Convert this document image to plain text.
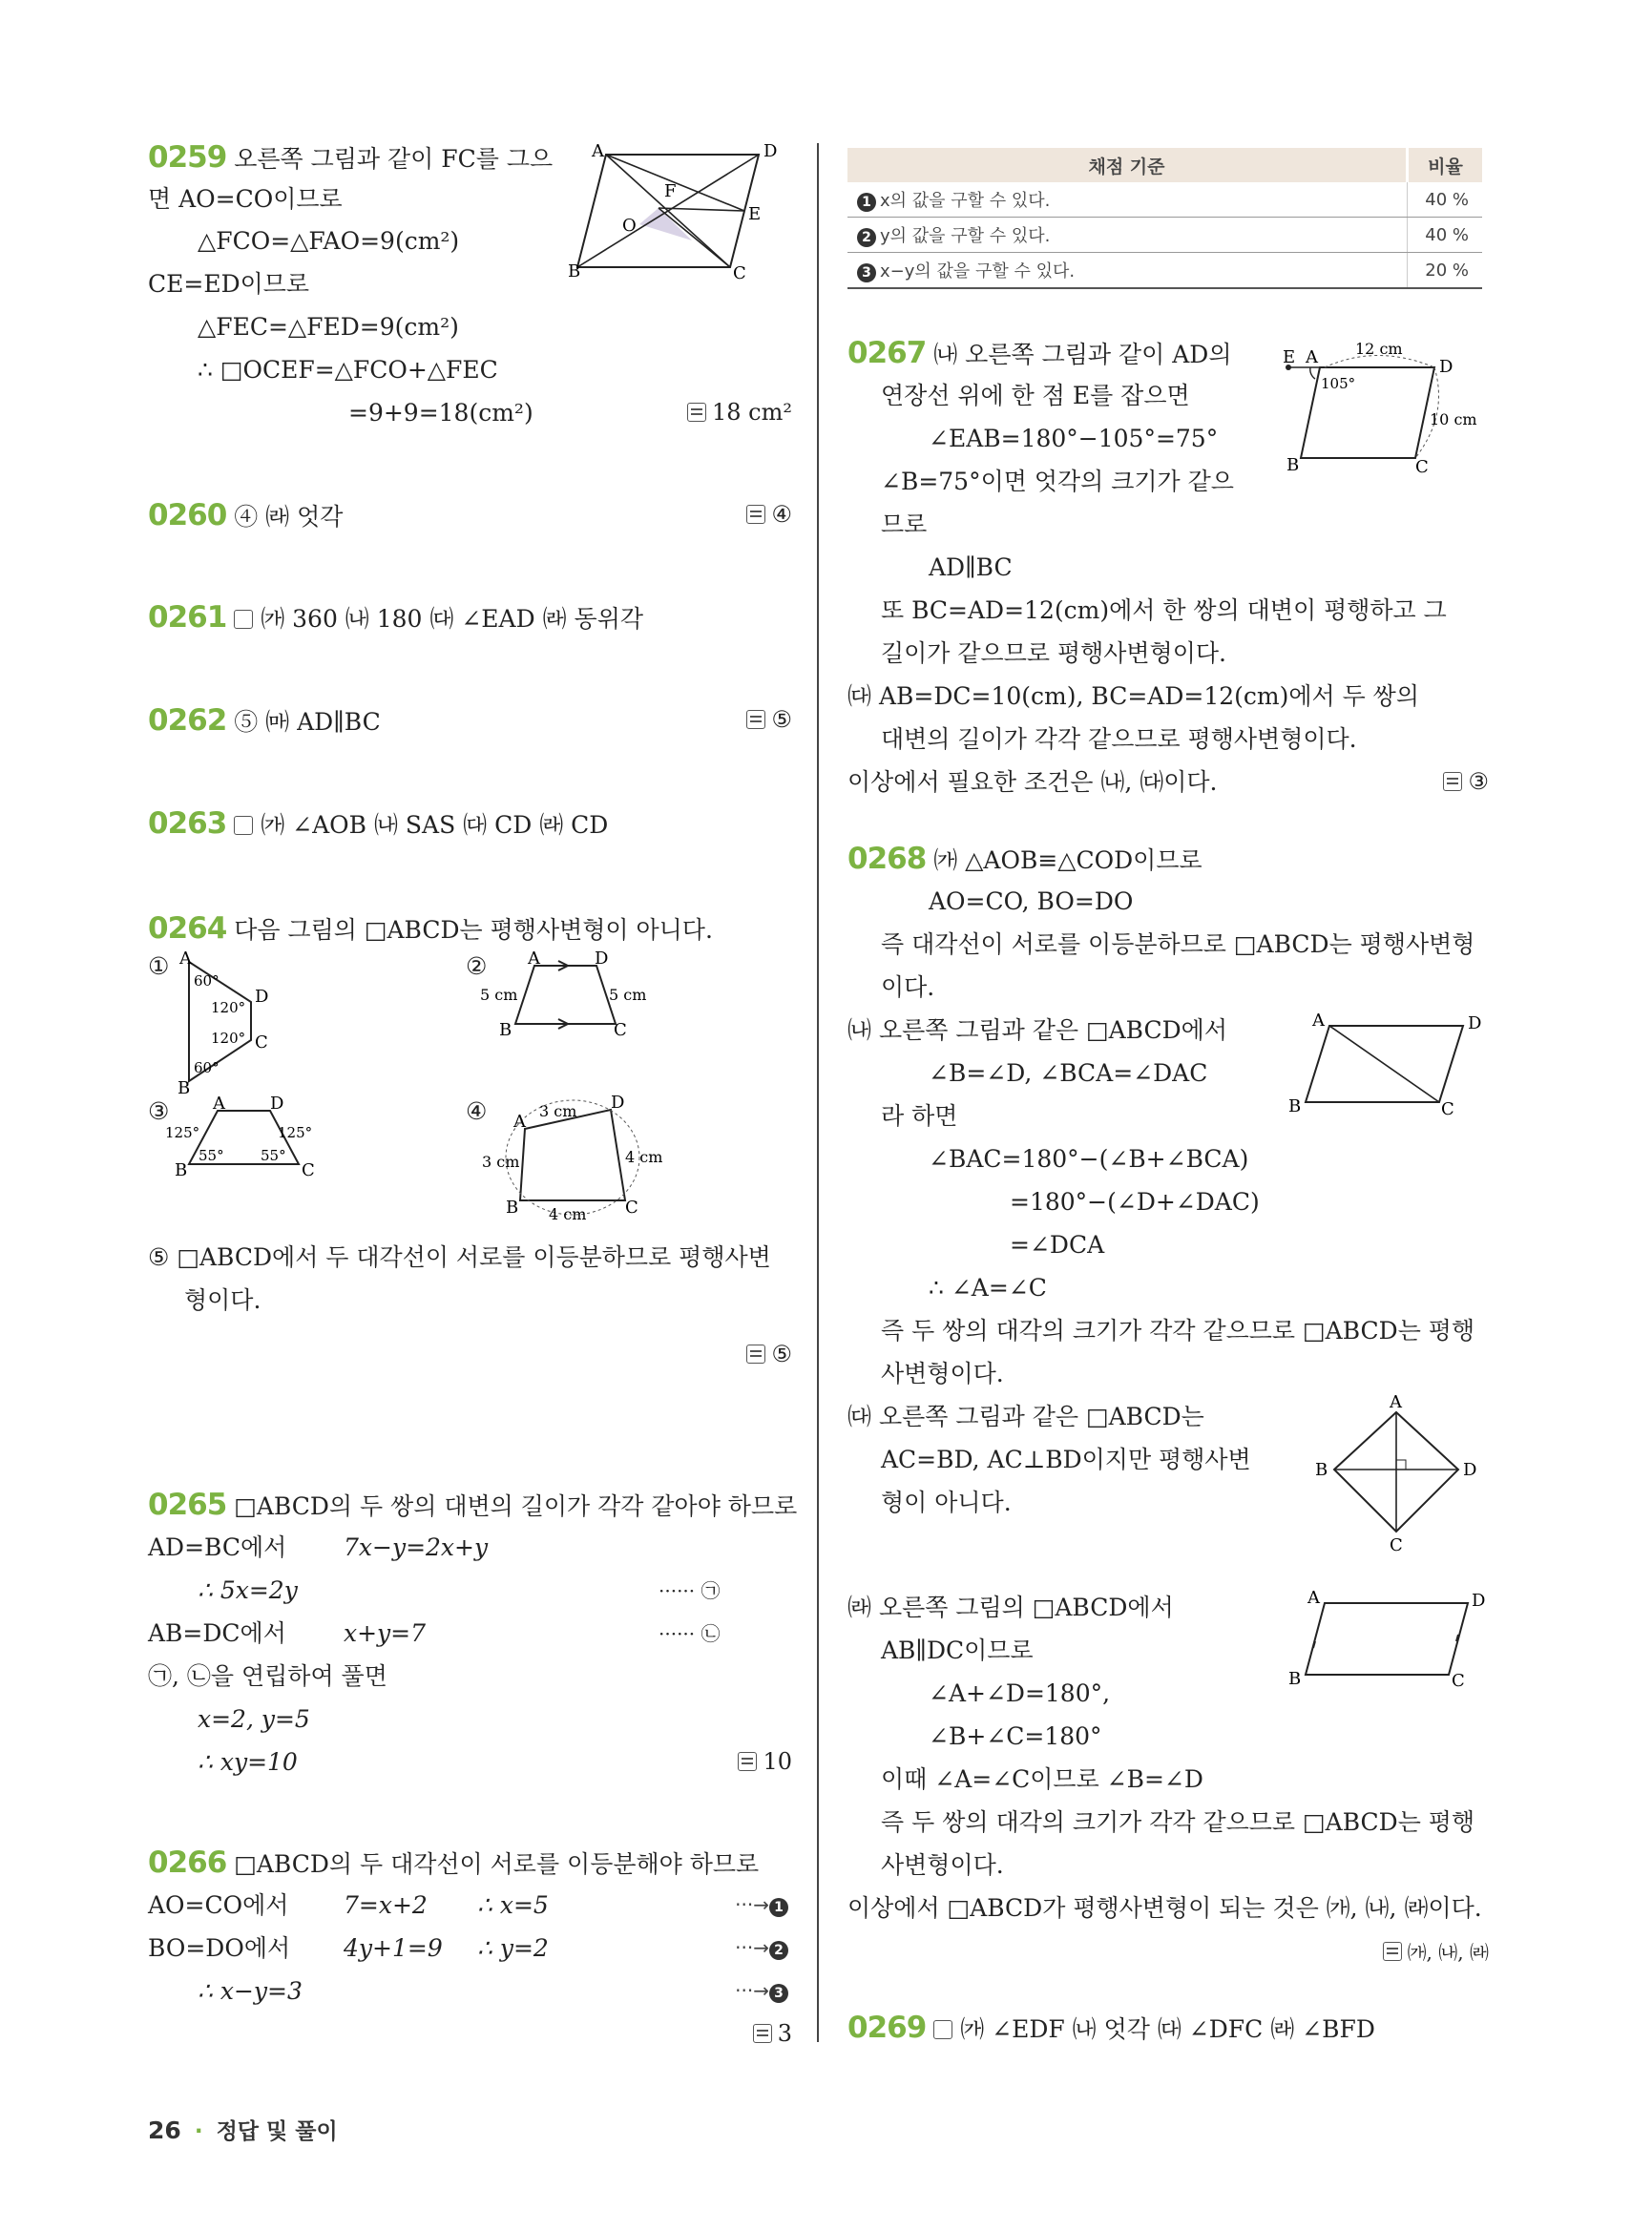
0259 오른쪽 그림과 같이 FC를 그으
면 AO=CO이므로
△FCO=△FAO=9(cm²)
CE=ED이므로
△FEC=△FED=9(cm²)
∴ □OCEF=△FCO+△FEC
=9+9=18(cm²)	18 cm²
A	D
F
O
E
B	C
0260 ④ ㈑ 엇각	④
0261 ㈎ 360 ㈏ 180 ㈐ ∠EAD ㈑ 동위각
0262 ⑤ ㈒ AD∥BC	⑤
0263 ㈎ ∠AOB ㈏ SAS ㈐ CD ㈑ CD
0264 다음 그림의 □ABCD는 평행사변형이 아니다.
① A
D
C
B
60°
120°
120°
60°
② A	D
B	C
5 cm	5 cm
③	A	D
B	C
125°	125°
55°	55°
④ A
D
B	C
3 cm
3 cm	4 cm
4 cm
⑤ □ABCD에서 두 대각선이 서로를 이등분하므로 평행사변
형이다.
⑤
0265 □ABCD의 두 쌍의 대변의 길이가 각각 같아야 하므로
AD=BC에서 7x−y=2x+y
∴ 5x=2y	······ ㉠
AB=DC에서 x+y=7	······ ㉡
㉠, ㉡을 연립하여 풀면
x=2, y=5
∴ xy=10	10
0266 □ABCD의 두 대각선이 서로를 이등분해야 하므로
AO=CO에서 7=x+2 ∴ x=5	···→ 1
BO=DO에서 4y+1=9 ∴ y=2	···→ 2
∴ x−y=3	···→ 3
3
채점 기준	비율
1 x의 값을 구할 수 있다.	40 %
2 y의 값을 구할 수 있다.	40 %
3 x−y의 값을 구할 수 있다.	20 %
0267 ㈏ 오른쪽 그림과 같이 AD의
연장선 위에 한 점 E를 잡으면
∠EAB=180°−105°=75°
∠B=75°이면 엇각의 크기가 같으
므로
AD∥BC
또 BC=AD=12(cm)에서 한 쌍의 대변이 평행하고 그
길이가 같으므로 평행사변형이다.
㈐ AB=DC=10(cm), BC=AD=12(cm)에서 두 쌍의
대변의 길이가 각각 같으므로 평행사변형이다.
이상에서 필요한 조건은 ㈏, ㈐이다.	③
E A	D
B	C
12 cm
10 cm
105°
0268 ㈎ △AOB≡△COD이므로
AO=CO, BO=DO
즉 대각선이 서로를 이등분하므로 □ABCD는 평행사변형
이다.
㈏ 오른쪽 그림과 같은 □ABCD에서
∠B=∠D, ∠BCA=∠DAC
라 하면
∠BAC=180°−(∠B+∠BCA)
=180°−(∠D+∠DAC)
=∠DCA
∴ ∠A=∠C
즉 두 쌍의 대각의 크기가 각각 같으므로 □ABCD는 평행
사변형이다.
㈐ 오른쪽 그림과 같은 □ABCD는
AC=BD, AC⊥BD이지만 평행사변
형이 아니다.
㈑ 오른쪽 그림의 □ABCD에서
AB∥DC이므로
∠A+∠D=180°,
∠B+∠C=180°
이때 ∠A=∠C이므로 ∠B=∠D
즉 두 쌍의 대각의 크기가 각각 같으므로 □ABCD는 평행
사변형이다.
이상에서 □ABCD가 평행사변형이 되는 것은 ㈎, ㈏, ㈑이다.
㈎, ㈏, ㈑
A	D
B	C
A
D
B
C
A	D
B	C
0269 ㈎ ∠EDF ㈏ 엇각 ㈐ ∠DFC ㈑ ∠BFD
26 · 정답 및 풀이
